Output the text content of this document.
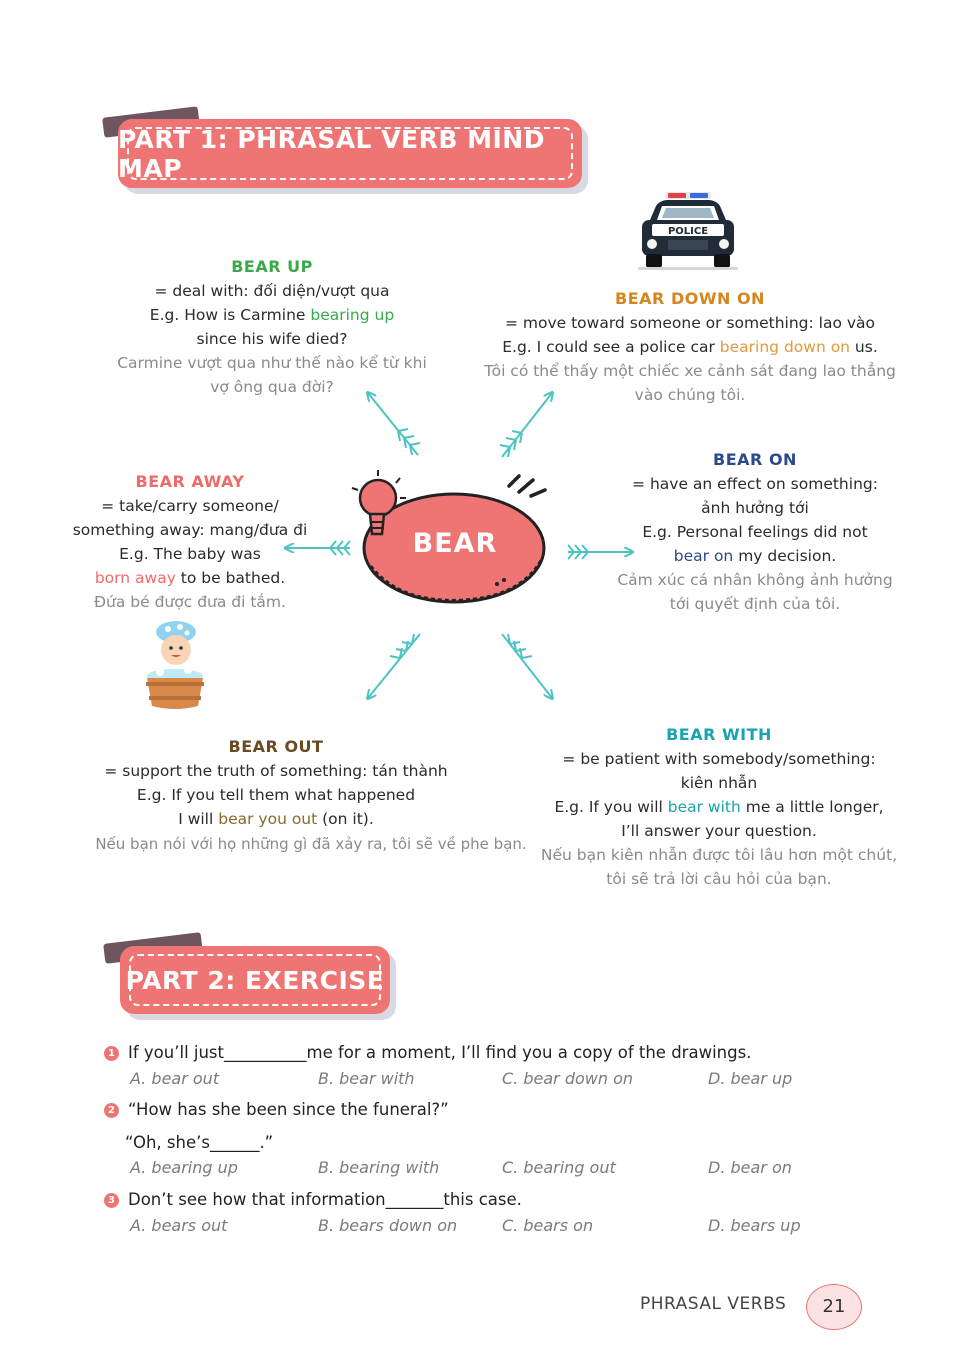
PART 1: PHRASAL VERB MIND MAP
POLICE
BEAR UP
= deal with: đối diện/vượt qua
E.g. How is Carmine bearing up
since his wife died?
Carmine vượt qua như thế nào kể từ khi
vợ ông qua đời?
BEAR DOWN ON
= move toward someone or something: lao vào
E.g. I could see a police car bearing down on us.
Tôi có thể thấy một chiếc xe cảnh sát đang lao thẳng
vào chúng tôi.
BEAR AWAY
= take/carry someone/
something away: mang/đưa đi
E.g. The baby was
born away to be bathed.
Đứa bé được đưa đi tắm.
BEAR ON
= have an effect on something:
ảnh hưởng tới
E.g. Personal feelings did not
bear on my decision.
Cảm xúc cá nhân không ảnh hưởng
tới quyết định của tôi.
BEAR
BEAR OUT
= support the truth of something: tán thành
E.g. If you tell them what happened
I will bear you out (on it).
Nếu bạn nói với họ những gì đã xảy ra, tôi sẽ về phe bạn.
BEAR WITH
= be patient with somebody/something:
kiên nhẫn
E.g. If you will bear with me a little longer,
I’ll answer your question.
Nếu bạn kiên nhẫn được tôi lâu hơn một chút,
tôi sẽ trả lời câu hỏi của bạn.
PART 2: EXERCISE
1 If you’ll just__________me for a moment, I’ll find you a copy of the drawings.
A. bear out	B. bear with	C. bear down on	D. bear up
2 “How has she been since the funeral?”
“Oh, she’s______.”
A. bearing up	B. bearing with	C. bearing out	D. bear on
3 Don’t see how that information_______this case.
A. bears out	B. bears down on	C. bears on	D. bears up
PHRASAL VERBS	21
